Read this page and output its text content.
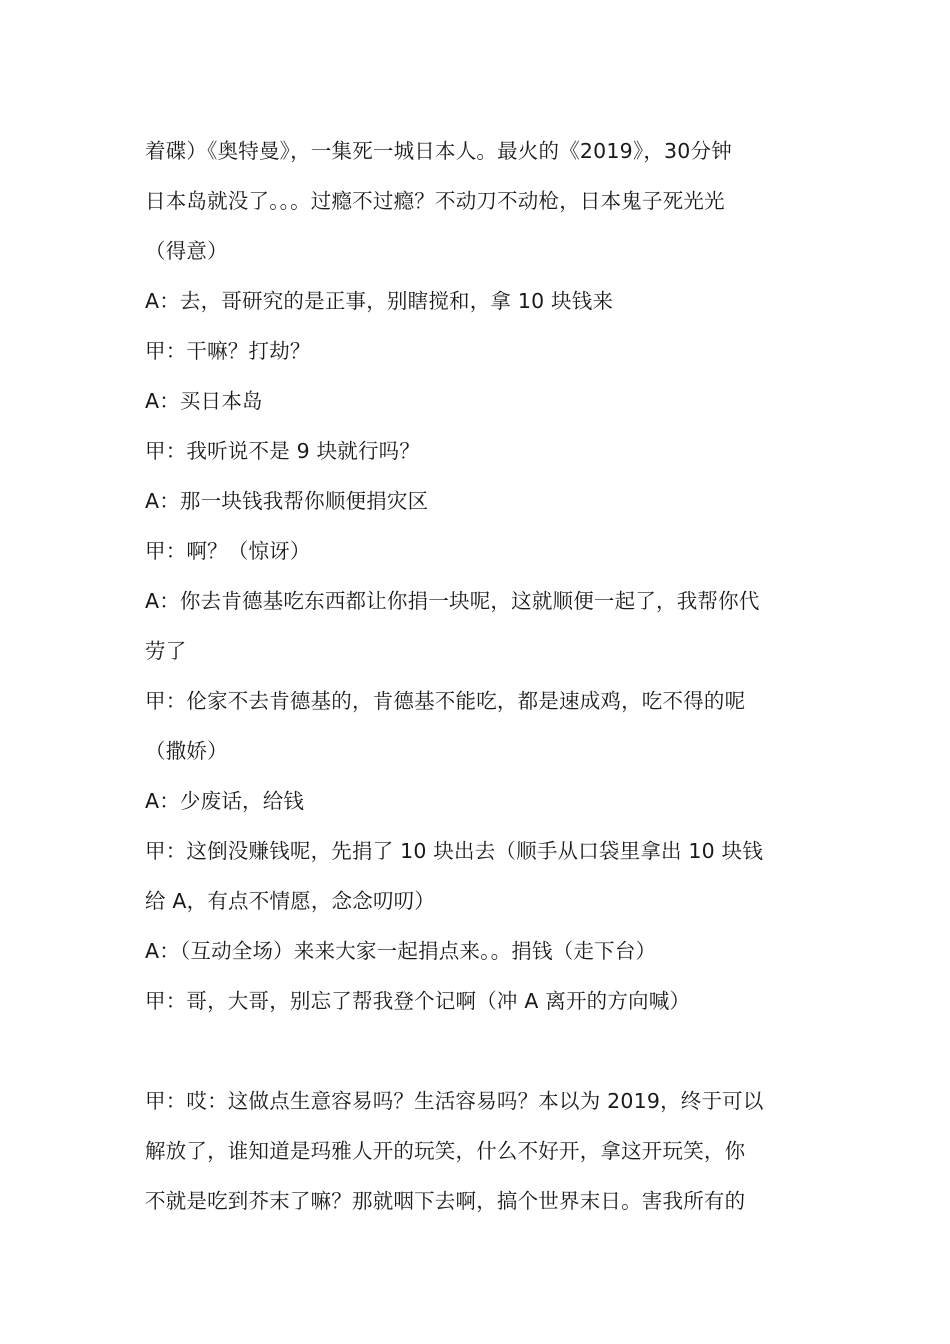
着碟）《奥特曼》，一集死一城日本人。最火的《2019》，30分钟
日本岛就没了。。。过瘾不过瘾？不动刀不动枪，日本鬼子死光光
（得意）
A：去，哥研究的是正事，别瞎搅和，拿 10 块钱来
甲：干嘛？打劫？
A：买日本岛
甲：我听说不是 9 块就行吗？
A：那一块钱我帮你顺便捐灾区
甲：啊？（惊讶）
A：你去肯德基吃东西都让你捐一块呢，这就顺便一起了，我帮你代
劳了
甲：伦家不去肯德基的，肯德基不能吃，都是速成鸡，吃不得的呢
（撒娇）
A：少废话，给钱
甲：这倒没赚钱呢，先捐了 10 块出去（顺手从口袋里拿出 10 块钱
给 A，有点不情愿，念念叨叨）
A：（互动全场）来来大家一起捐点来。。捐钱（走下台）
甲：哥，大哥，别忘了帮我登个记啊（冲 A 离开的方向喊）
甲：哎：这做点生意容易吗？生活容易吗？本以为 2019，终于可以
解放了，谁知道是玛雅人开的玩笑，什么不好开，拿这开玩笑，你
不就是吃到芥末了嘛？那就咽下去啊，搞个世界末日。害我所有的
